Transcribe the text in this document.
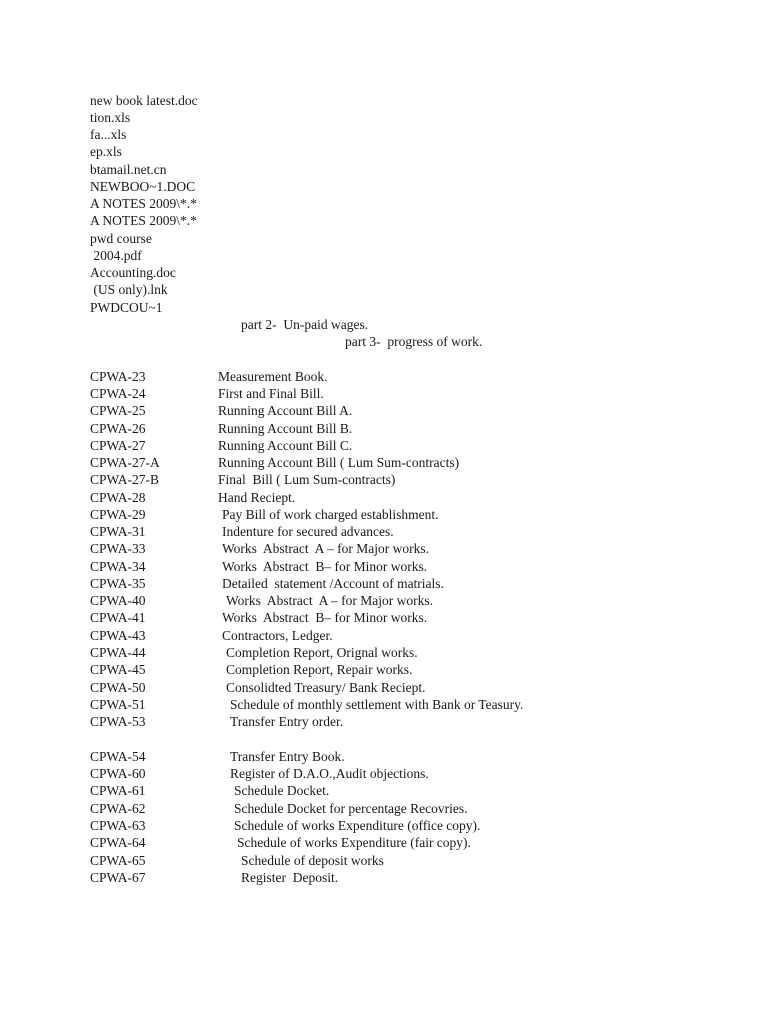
new book latest.doc
tion.xls
fa...xls
ep.xls
btamail.net.cn
NEWBOO~1.DOC
A NOTES 2009\*.*
A NOTES 2009\*.*
pwd course
2004.pdf
Accounting.doc
(US only).lnk
PWDCOU~1
part 2-  Un-paid wages.
part 3-  progress of work.
CPWA-23	Measurement Book.
CPWA-24	First and Final Bill.
CPWA-25	Running Account Bill A.
CPWA-26	Running Account Bill B.
CPWA-27	Running Account Bill C.
CPWA-27-A	Running Account Bill ( Lum Sum-contracts)
CPWA-27-B	Final  Bill ( Lum Sum-contracts)
CPWA-28	Hand Reciept.
CPWA-29	Pay Bill of work charged establishment.
CPWA-31	Indenture for secured advances.
CPWA-33	Works  Abstract  A – for Major works.
CPWA-34	Works  Abstract  B– for Minor works.
CPWA-35	Detailed  statement /Account of matrials.
CPWA-40	Works  Abstract  A – for Major works.
CPWA-41	Works  Abstract  B– for Minor works.
CPWA-43	Contractors, Ledger.
CPWA-44	Completion Report, Orignal works.
CPWA-45	Completion Report, Repair works.
CPWA-50	Consolidted Treasury/ Bank Reciept.
CPWA-51	Schedule of monthly settlement with Bank or Teasury.
CPWA-53	Transfer Entry order.
CPWA-54	Transfer Entry Book.
CPWA-60	Register of D.A.O.,Audit objections.
CPWA-61	Schedule Docket.
CPWA-62	Schedule Docket for percentage Recovries.
CPWA-63	Schedule of works Expenditure (office copy).
CPWA-64	Schedule of works Expenditure (fair copy).
CPWA-65	Schedule of deposit works
CPWA-67	Register  Deposit.
